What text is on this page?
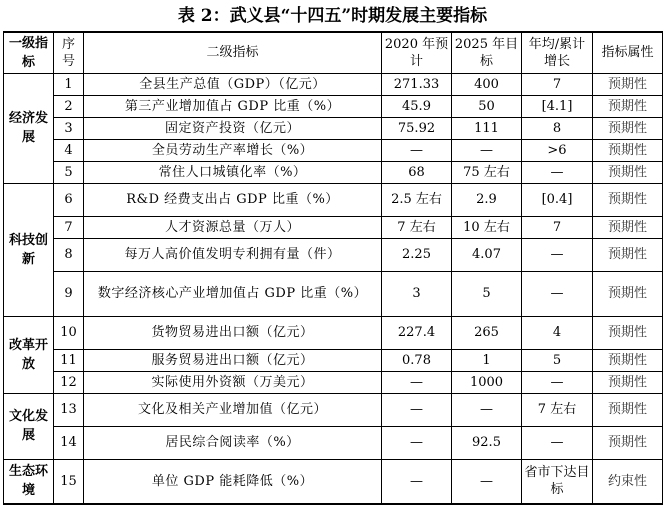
表 2：武义县“十四五”时期发展主要指标
一级指标	序号	二级指标	2020 年预计	2025 年目标	年均/累计增长	指标属性
经济发展	1	全县生产总值（GDP）（亿元）	271.33	400	7	预期性
	2	第三产业增加值占 GDP 比重（%）	45.9	50	[4.1]	预期性
	3	固定资产投资（亿元）	75.92	111	8	预期性
	4	全员劳动生产率增长（%）	—	—	>6	预期性
	5	常住人口城镇化率（%）	68	75 左右	—	预期性
科技创新	6	R&D 经费支出占 GDP 比重（%）	2.5 左右	2.9	[0.4]	预期性
	7	人才资源总量（万人）	7 左右	10 左右	7	预期性
	8	每万人高价值发明专利拥有量（件）	2.25	4.07	—	预期性
	9	数字经济核心产业增加值占 GDP 比重（%）	3	5	—	预期性
改革开放	10	货物贸易进出口额（亿元）	227.4	265	4	预期性
	11	服务贸易进出口额（亿元）	0.78	1	5	预期性
	12	实际使用外资额（万美元）	—	1000	—	预期性
文化发展	13	文化及相关产业增加值（亿元）	—	—	7 左右	预期性
	14	居民综合阅读率（%）	—	92.5	—	预期性
生态环境	15	单位 GDP 能耗降低（%）	—	—	省市下达目标	约束性
